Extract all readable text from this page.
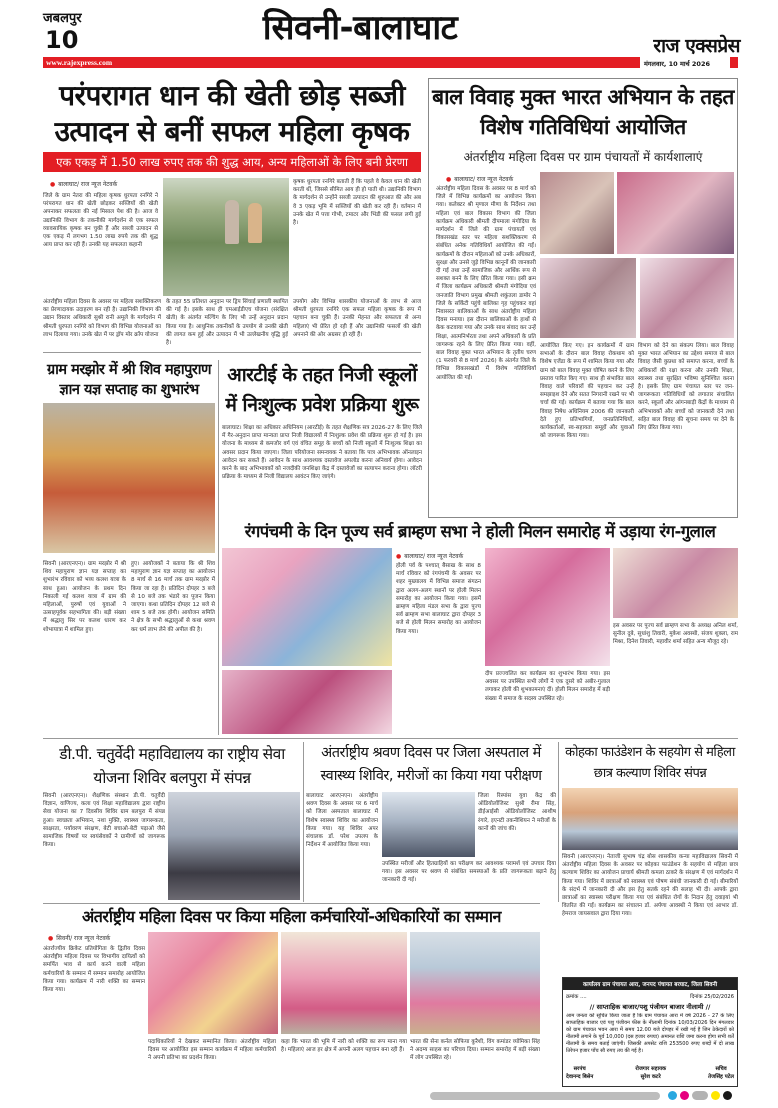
जबलपुर
10	सिवनी-बालाघाट	राज एक्सप्रेस
www.rajexpress.com	मंगलवार, 10 मार्च 2026
परंपरागत धान की खेती छोड़ सब्जी उत्पादन से बनीं सफल महिला कृषक
एक एकड़ में 1.50 लाख रुपए तक की शुद्ध आय, अन्य महिलाओं के लिए बनी प्रेरणा
● बालाघाट/ राज न्यूज नेटवर्क
जिले के ग्राम नेतरा की महिला कृषक धुरपता रनगिरे ने परंपरागत धान की खेती छोड़कर सब्जियों की खेती अपनाकर सफलता की नई मिसाल पेश की है। आज वे उद्यानिकी विभाग के तकनीकी मार्गदर्शन से एक सफल व्यावसायिक कृषक बन चुकी हैं और सब्जी उत्पादन से एक एकड़ में लगभग 1.50 लाख रुपये तक की शुद्ध आय प्राप्त कर रही हैं। उनकी यह सफलता कहानी
अंतर्राष्ट्रीय महिला दिवस के अवसर पर महिला सशक्तिकरण का प्रेरणादायक उदाहरण बन रही है। उद्यानिकी विभाग की उद्यान विस्तार अधिकारी सुश्री रानी अमूले के मार्गदर्शन में श्रीमती धुरपता रनगिरे को विभाग की विभिन्न योजनाओं का लाभ दिलाया गया। उनके खेत में पर ड्रॉप मोर क्रॉप योजना
के तहत 55 प्रतिशत अनुदान पर ड्रिप सिंचाई प्रणाली स्थापित की गई है। इसके साथ ही एमआईडीएच योजना (संरक्षित खेती) के अंतर्गत मल्चिंग के लिए भी उन्हें अनुदान प्रदान किया गया है। आधुनिक तकनीकों के उपयोग से उनकी खेती की लागत कम हुई और उत्पादन में भी उल्लेखनीय वृद्धि हुई है।
उपयोग और विभिन्न शासकीय योजनाओं के लाभ से आज श्रीमती धुरपता रनगिरे एक सफल महिला कृषक के रूप में पहचान बना चुकी हैं। उनकी मेहनत और सफलता से अन्य महिलाएं भी प्रेरित हो रही हैं और उद्यानिकी फसलों की खेती अपनाने की ओर अग्रसर हो रही हैं।
कृषक धुरपता रनगिरे बताती हैं कि पहले वे केवल धान की खेती करती थीं, जिससे सीमित आय ही हो पाती थी। उद्यानिकी विभाग के मार्गदर्शन से उन्होंने सब्जी उत्पादन की शुरुआत की और अब वे 3 एकड़ भूमि में सब्जियों की खेती कर रही हैं। वर्तमान में उनके खेत में पत्ता गोभी, टमाटर और भिंडी की फसल लगी हुई है।
बाल विवाह मुक्त भारत अभियान के तहत विशेष गतिविधियां आयोजित
अंतर्राष्ट्रीय महिला दिवस पर ग्राम पंचायतों में कार्यशालाएं
● बालाघाट/ राज न्यूज नेटवर्क
अंतर्राष्ट्रीय महिला दिवस के अवसर पर 8 मार्च को जिले में विभिन्न कार्यक्रमों का आयोजन किया गया। कलेक्टर श्री मृणाल मीणा के निर्देशन तथा महिला एवं बाल विकास विभाग की जिला कार्यक्रम अधिकारी श्रीमती दीपमाला मंगोदिया के मार्गदर्शन में जिले की ग्राम पंचायतों एवं विकासखंड स्तर पर महिला सशक्तिकरण से संबंधित अनेक गतिविधियाँ आयोजित की गईं। कार्यक्रमों के दौरान महिलाओं को उनके अधिकारों, सुरक्षा और उनसे जुड़े विभिन्न कानूनों की जानकारी दी गई तथा उन्हें सामाजिक और आर्थिक रूप से सशक्त बनने के लिए प्रेरित किया गया। इसी क्रम में जिला कार्यक्रम अधिकारी श्रीमती मंगोदिया एवं जनजाति विभाग प्रमुख श्रीमती शकुंतला डामोर ने जिले के सर्किटी पहुंचे बालिका गृह पहुंचकर वहां निवासरत बालिकाओं के साथ अंतर्राष्ट्रीय महिला दिवस मनाया। इस दौरान बालिकाओं के हाथों से केक कटवाया गया और उनके साथ संवाद कर उन्हें शिक्षा, आत्मनिर्भरता तथा अपने अधिकारों के प्रति जागरूक रहने के लिए प्रेरित किया गया। वहीं, बाल विवाह मुक्त भारत अभियान के तृतीय चरण (1 फरवरी से 8 मार्च 2026) के अंतर्गत जिले के विभिन्न विकासखंडों में विशेष गतिविधियाँ आयोजित की गईं।
आयोजित किए गए। इन कार्यक्रमों में ग्राम सभाओं के दौरान बाल विवाह रोकथाम को विशेष एजेंडा के रूप में शामिल किया गया और ग्राम को बाल विवाह मुक्त घोषित करने के लिए प्रस्ताव पारित किए गए। साथ ही संभावित बाल विवाह वाले परिवारों की पहचान कर उन्हें समझाइश देने और सतत निगरानी रखने पर भी चर्चा की गई। कार्यक्रम में बताया गया कि बाल विवाह निषेध अधिनियम 2006 की जानकारी देते हुए प्रतिभागियों, जनप्रतिनिधियों, कार्यकर्ताओं, स्व-सहायता समूहों और युवाओं को जागरूक किया गया।
विभाग को देने का संकल्प लिया। बाल विवाह मुक्त भारत अभियान का उद्देश्य समाज से बाल विवाह जैसी कुप्रथा को समाप्त करना, बच्चों के अधिकारों की रक्षा करना और उनकी शिक्षा, स्वास्थ्य तथा सुरक्षित भविष्य सुनिश्चित करना है। इसके लिए ग्राम पंचायत स्तर पर जन-जागरूकता गतिविधियों को लगातार संचालित करने, स्कूलों और आंगनबाड़ी केंद्रों के माध्यम से अभिभावकों और बच्चों को जानकारी देने तथा सहित बाल विवाह की सूचना समय पर देने के लिए प्रेरित किया गया।
ग्राम मरझोर में श्री शिव महापुराण ज्ञान यज्ञ सप्ताह का शुभारंभ
सिवनी (आरएनएन)। ग्राम मरझोर में श्री शिव महापुराण ज्ञान यज्ञ सप्ताह का शुभारंभ रविवार को भव्य कलश यात्रा के साथ हुआ। आयोजन के प्रथम दिन निकाली गई कलश यात्रा में ग्राम की महिलाओं, पुरुषों एवं युवाओं ने उत्साहपूर्वक सहभागिता की। बड़ी संख्या में श्रद्धालु सिर पर कलश धारण कर शोभायात्रा में शामिल हुए।
हुए। आयोजकों ने बताया कि श्री शिव महापुराण ज्ञान यज्ञ सप्ताह का आयोजन 8 मार्च से 16 मार्च तक ग्राम मरझोर में किया जा रहा है। प्रतिदिन दोपहर 3 बजे से 10 बजे तक भंडारे का पूजन किया जाएगा। कथा प्रतिदिन दोपहर 12 बजे से शाम 5 बजे तक होगी। आयोजन समिति ने क्षेत्र के सभी श्रद्धालुओं से कथा श्रवण कर धर्म लाभ लेने की अपील की है।
आरटीई के तहत निजी स्कूलों में निःशुल्क प्रवेश प्रक्रिया शुरू
बालाघाट। शिक्षा का अधिकार अधिनियम (आरटीई) के तहत शैक्षणिक सत्र 2026-27 के लिए जिले में गैर-अनुदान प्राप्त मान्यता प्राप्त निजी विद्यालयों में निःशुल्क प्रवेश की प्रक्रिया शुरू हो गई है। इस योजना के माध्यम से कमजोर वर्ग एवं वंचित समूह के बच्चों को निजी स्कूलों में निःशुल्क शिक्षा का अवसर प्रदान किया जाएगा। जिला परियोजना समन्वयक ने बताया कि पात्र अभिभावक ऑनलाइन आवेदन कर सकते हैं। आवेदन के साथ आवश्यक दस्तावेज अपलोड करना अनिवार्य होगा। आवेदन करने के बाद अभिभावकों को नजदीकी जनशिक्षा केंद्र में दस्तावेजों का सत्यापन कराना होगा। लॉटरी प्रक्रिया के माध्यम से निजी विद्यालय आवंटन किए जाएंगे।
रंगपंचमी के दिन पूज्य सर्व ब्राम्हण सभा ने होली मिलन समारोह में उड़ाया रंग-गुलाल
● बालाघाट/ राज न्यूज नेटवर्क
होली पर्व के पश्चात् बैसाख के साथ 8 मार्च रविवार को रंगपंचमी के अवसर पर शहर मुख्यालय में विभिन्न समाज संगठन द्वारा अलग-अलग स्थानों पर होली मिलन समारोह का आयोजन किया गया। इसमें ब्राम्हण महिला मंडल सभा के द्वारा पूज्य सर्व ब्राम्हण सभा बालाघाट द्वारा दोपहर 3 बजे से होली मिलन समारोह का आयोजन किया गया।
इस अवसर पर पूज्य सर्व ब्राम्हण सभा के अध्यक्ष अनिल शर्मा, सुनील दुबे, सुधांशु तिवारी, मुकेश अवस्थी, संजय शुक्ला, राम मिश्रा, दिनेश तिवारी, महावीर शर्मा सहित अन्य मौजूद रहे।
दीप प्रज्ज्वलित कर कार्यक्रम का शुभारंभ किया गया। इस अवसर पर उपस्थित सभी लोगों ने एक दूसरे को अबीर-गुलाल लगाकर होली की शुभकामनाएं दीं। होली मिलन समारोह में बड़ी संख्या में समाज के सदस्य उपस्थित रहे।
डी.पी. चतुर्वेदी महाविद्यालय का राष्ट्रीय सेवा योजना शिविर बलपुरा में संपन्न
सिवनी (आरएनएन)। शैक्षणिक संस्थान डी.पी. चतुर्वेदी विज्ञान, वाणिज्य, कला एवं शिक्षा महाविद्यालय द्वारा राष्ट्रीय सेवा योजना का 7 दिवसीय शिविर ग्राम बलपुरा में संपन्न हुआ। स्वच्छता अभियान, नशा मुक्ति, स्वास्थ्य जागरूकता, साक्षरता, पर्यावरण संरक्षण, बेटी बचाओ-बेटी पढ़ाओ जैसे सामाजिक विषयों पर स्वयंसेवकों ने ग्रामीणों को जागरूक किया।
अंतर्राष्ट्रीय श्रवण दिवस पर जिला अस्पताल में स्वास्थ्य शिविर, मरीजों का किया गया परीक्षण
बालाघाट आरएनएन। अंतर्राष्ट्रीय श्रवण दिवस के अवसर पर 6 मार्च को जिला अस्पताल बालाघाट में विशेष स्वास्थ्य शिविर का आयोजन किया गया। यह शिविर अपर संचालक डॉ. परेश उपलप के निर्देशन में आयोजित किया गया।
जिला रिस्पांस युवा केंद्र की ऑडियोलॉजिस्ट सुश्री रीमा सिंह, डीईआईसी ऑडियोलॉजिस्ट आशीष रंगारे, इएनटी तकनीशियन ने मरीजों के कानों की जांच की।
उपस्थित मरीजों और हितग्राहियों का परीक्षण कर आवश्यक परामर्श एवं उपचार दिया गया। इस अवसर पर श्रवण से संबंधित समस्याओं के प्रति जागरूकता बढ़ाने हेतु जानकारी दी गई।
कोहका फाउंडेशन के सहयोग से महिला छात्र कल्याण शिविर संपन्न
सिवनी (आरएनएन)। नेताजी सुभाष चंद्र बोस शासकीय कन्या महाविद्यालय सिवनी में अंतर्राष्ट्रीय महिला दिवस के अवसर पर कोहका फाउंडेशन के सहयोग से महिला छात्र कल्याण शिविर का आयोजन प्राचार्य श्रीमती कमला ठाकरे के संरक्षण में एवं मार्गदर्शन में किया गया। शिविर में छात्राओं को स्वास्थ्य एवं पोषण संबंधी जानकारी दी गई। बीमारियों के संदर्भ में जानकारी दी और इस हेतु सतर्क रहने की सलाह भी दी। आपके द्वारा छात्राओं का स्वास्थ्य परीक्षण किया गया एवं संबंधित रोगों के निदान हेतु दवाइयां भी वितरित की गईं। कार्यक्रम का संचालन डॉ. अर्पणा आवस्थी ने किया एवं आभार डॉ. हेमराज जायसवाल द्वारा दिया गया।
अंतर्राष्ट्रीय महिला दिवस पर किया महिला कर्मचारियों-अधिकारियों का सम्मान
● सिवनी/ राज न्यूज नेटवर्क
अंतर्राज्यीय क्रिकेट प्रतियोगिता के द्वितीय दिवस अंतर्राष्ट्रीय महिला दिवस पर विभागीय दायित्वों को समर्पित भाव से कार्य करने वाली महिला कर्मचारियों के सम्मान में सम्मान समारोह आयोजित किया गया। कार्यक्रम में नारी शक्ति का सम्मान किया गया।
पदाधिकारियों ने देखकर सम्मानित किया। अंतर्राष्ट्रीय महिला दिवस पर आयोजित इस सम्मान कार्यक्रम में महिला कर्मचारियों ने अपनी प्रतिभा का प्रदर्शन किया।
कहा कि भारत की भूमि में नारी को शक्ति का रूप माना गया है। महिलाएं आज हर क्षेत्र में अपनी अलग पहचान बना रही हैं।
भारत की सेना कर्नल सोफिया कुरैशी, विंग कमांडर व्योमिका सिंह ने अदम्य साहस का परिचय दिया। सम्मान समारोह में बड़ी संख्या में लोग उपस्थित रहे।
कार्यालय ग्राम पंचायत आरा, जनपद पंचायत बरघाट, जिला सिवनी
क्रमांक ....	दिनांक 25/02/2026
// साप्ताहिक बाजार/पशु पंजीयन बाजार नीलामी //
आम जनता को सूचित किया जाता है कि ग्राम पंचायत आरा में वर्ष 2026 - 27 के लिए साप्ताहिक बाजार एवं पशु पंजीयन फीस के नीलामी दिनांक 10/03/2026 दिन मंगलवार को ग्राम पंचायत भवन आरा में समय 12.00 बजे दोपहर में रखी गई है जिन ठेकेदारों को नीलामी लगाने के पूर्व 10,000 (दस हजार रुपया) अमानत राशि जमा करना होगा सभी शर्तें नीलामी के समय बताई जाएंगी। जिसकी अपसेट राशि 253500 रुपए शब्दों में दो लाख तिरेपन हजार पाँच सौ रुपए तय की गई है।
सरपंच
देवानन्द बिसेन
रोजगार सहायक
सुरेश कटरे
सचिव
तेजसिंह पटेल
